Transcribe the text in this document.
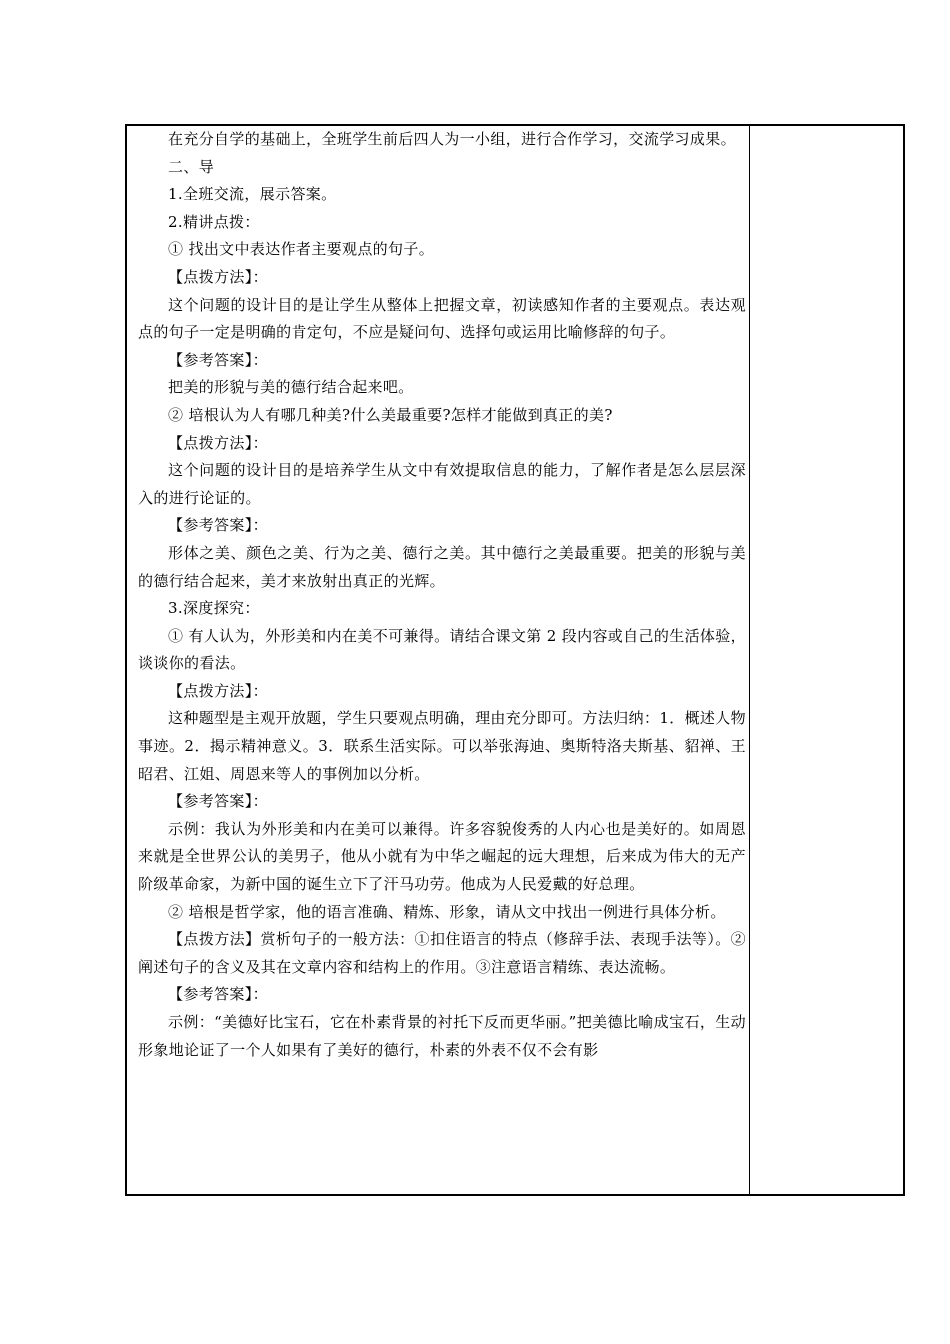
在充分自学的基础上，全班学生前后四人为一小组，进行合作学习，交流学习成果。

二、导

1.全班交流，展示答案。

2.精讲点拨：

① 找出文中表达作者主要观点的句子。

【点拨方法】：

这个问题的设计目的是让学生从整体上把握文章，初读感知作者的主要观点。表达观点的句子一定是明确的肯定句，不应是疑问句、选择句或运用比喻修辞的句子。

【参考答案】：

把美的形貌与美的德行结合起来吧。

② 培根认为人有哪几种美?什么美最重要?怎样才能做到真正的美?

【点拨方法】：

这个问题的设计目的是培养学生从文中有效提取信息的能力，了解作者是怎么层层深入的进行论证的。

【参考答案】：

形体之美、颜色之美、行为之美、德行之美。其中德行之美最重要。把美的形貌与美的德行结合起来，美才来放射出真正的光辉。

3.深度探究：

① 有人认为，外形美和内在美不可兼得。请结合课文第 2 段内容或自己的生活体验，谈谈你的看法。

【点拨方法】：

这种题型是主观开放题，学生只要观点明确，理由充分即可。方法归纳：1．概述人物事迹。2．揭示精神意义。3．联系生活实际。可以举张海迪、奥斯特洛夫斯基、貂禅、王昭君、江姐、周恩来等人的事例加以分析。

【参考答案】：

示例：我认为外形美和内在美可以兼得。许多容貌俊秀的人内心也是美好的。如周恩来就是全世界公认的美男子，他从小就有为中华之崛起的远大理想，后来成为伟大的无产阶级革命家，为新中国的诞生立下了汗马功劳。他成为人民爱戴的好总理。

② 培根是哲学家，他的语言准确、精炼、形象，请从文中找出一例进行具体分析。

【点拨方法】赏析句子的一般方法：①扣住语言的特点（修辞手法、表现手法等）。②阐述句子的含义及其在文章内容和结构上的作用。③注意语言精练、表达流畅。

【参考答案】：

示例：“美德好比宝石，它在朴素背景的衬托下反而更华丽。”把美德比喻成宝石，生动形象地论证了一个人如果有了美好的德行，朴素的外表不仅不会有影
